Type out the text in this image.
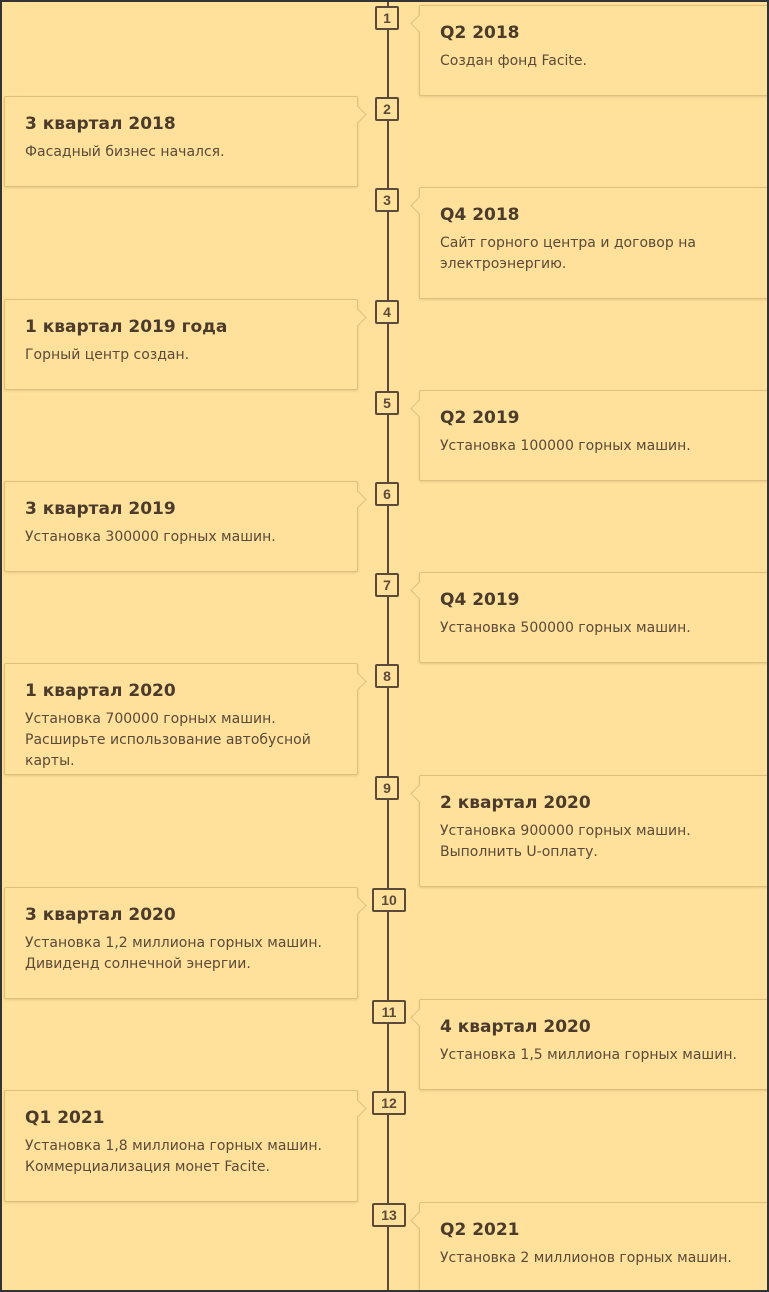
1
Q2 2018

Создан фонд Facite.

2
3 квартал 2018

Фасадный бизнес начался.

3
Q4 2018

Сайт горного центра и договор на электроэнергию.

4
1 квартал 2019 года

Горный центр создан.

5
Q2 2019

Установка 100000 горных машин.

6
3 квартал 2019

Установка 300000 горных машин.

7
Q4 2019

Установка 500000 горных машин.

8
1 квартал 2020

Установка 700000 горных машин. Расширьте использование автобусной карты.

9
2 квартал 2020

Установка 900000 горных машин. Выполнить U-оплату.

10
3 квартал 2020

Установка 1,2 миллиона горных машин. Дивиденд солнечной энергии.

11
4 квартал 2020

Установка 1,5 миллиона горных машин.

12
Q1 2021

Установка 1,8 миллиона горных машин. Коммерциализация монет Facite.

13
Q2 2021

Установка 2 миллионов горных машин.
